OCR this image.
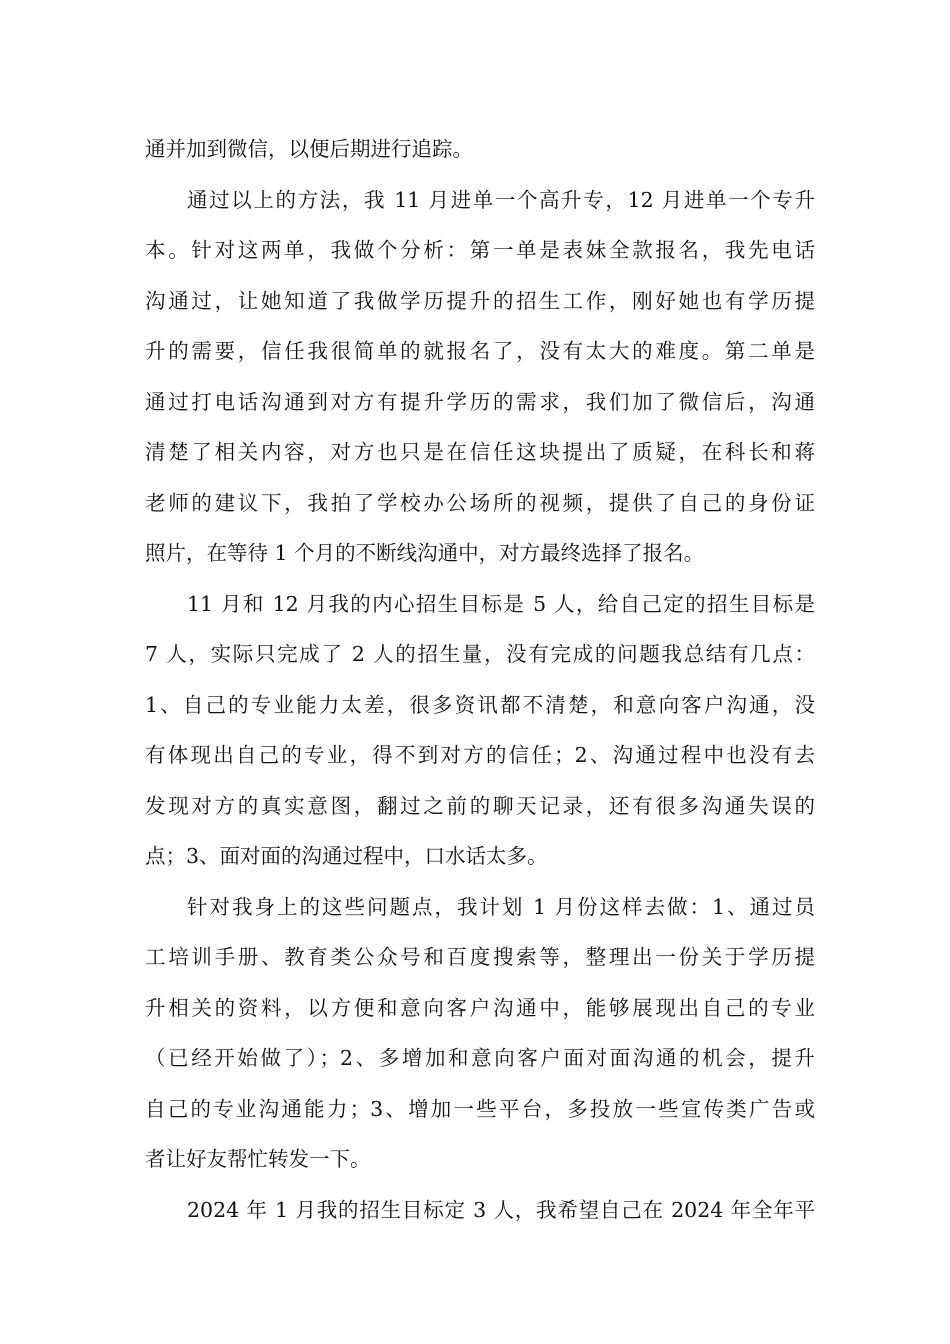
通并加到微信，以便后期进行追踪。
通过以上的方法，我 11 月进单一个高升专，12 月进单一个专升
本。针对这两单，我做个分析：第一单是表妹全款报名，我先电话
沟通过，让她知道了我做学历提升的招生工作，刚好她也有学历提
升的需要，信任我很简单的就报名了，没有太大的难度。第二单是
通过打电话沟通到对方有提升学历的需求，我们加了微信后，沟通
清楚了相关内容，对方也只是在信任这块提出了质疑，在科长和蒋
老师的建议下，我拍了学校办公场所的视频，提供了自己的身份证
照片，在等待 1 个月的不断线沟通中，对方最终选择了报名。
11 月和 12 月我的内心招生目标是 5 人，给自己定的招生目标是
7 人，实际只完成了 2 人的招生量，没有完成的问题我总结有几点：
1、自己的专业能力太差，很多资讯都不清楚，和意向客户沟通，没
有体现出自己的专业，得不到对方的信任；2、沟通过程中也没有去
发现对方的真实意图，翻过之前的聊天记录，还有很多沟通失误的
点；3、面对面的沟通过程中，口水话太多。
针对我身上的这些问题点，我计划 1 月份这样去做：1、通过员
工培训手册、教育类公众号和百度搜索等，整理出一份关于学历提
升相关的资料，以方便和意向客户沟通中，能够展现出自己的专业
（已经开始做了）；2、多增加和意向客户面对面沟通的机会，提升
自己的专业沟通能力；3、增加一些平台，多投放一些宣传类广告或
者让好友帮忙转发一下。
2024 年 1 月我的招生目标定 3 人，我希望自己在 2024 年全年平
